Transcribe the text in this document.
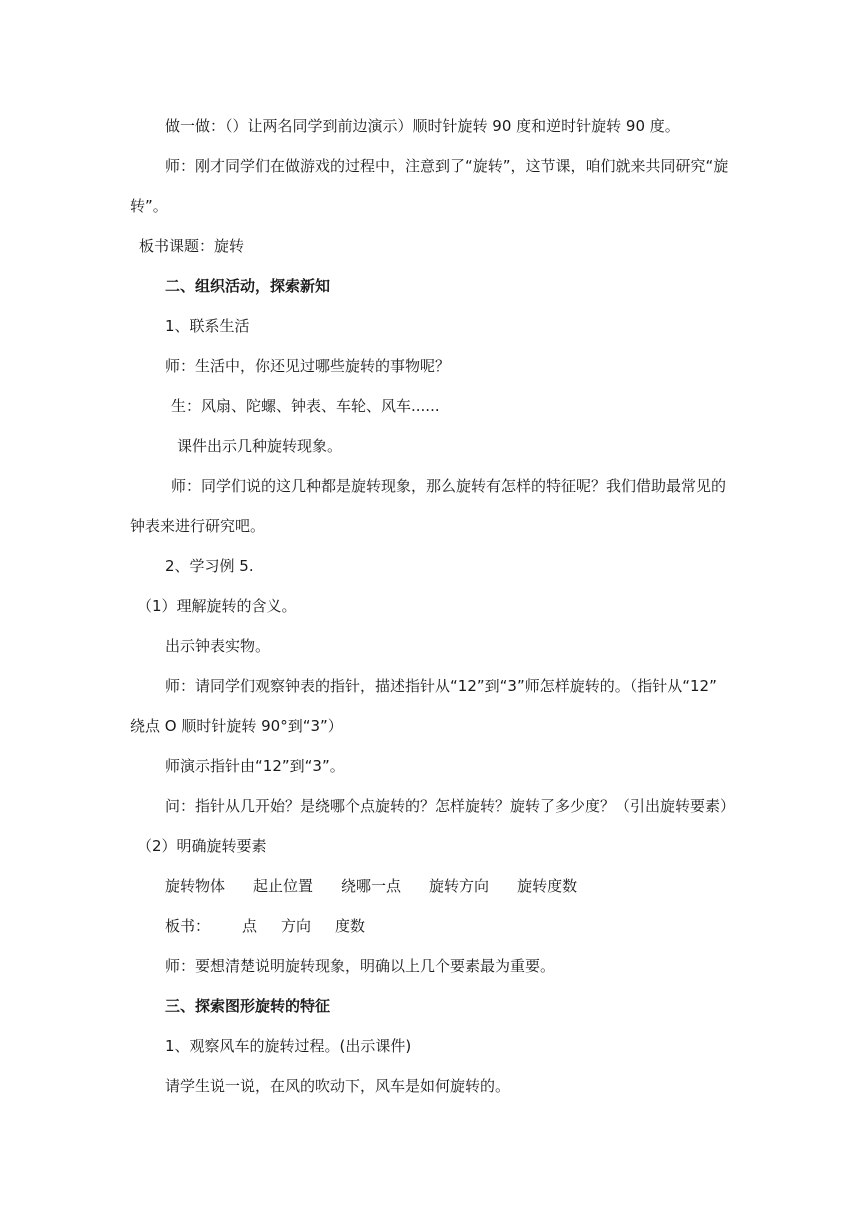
做一做：（）让两名同学到前边演示）顺时针旋转 90 度和逆时针旋转 90 度。
师：刚才同学们在做游戏的过程中，注意到了“旋转”，这节课，咱们就来共同研究“旋
转”。
板书课题：旋转
二、组织活动，探索新知
1、联系生活
师：生活中，你还见过哪些旋转的事物呢？
生：风扇、陀螺、钟表、车轮、风车......
课件出示几种旋转现象。
师：同学们说的这几种都是旋转现象，那么旋转有怎样的特征呢？我们借助最常见的
钟表来进行研究吧。
2、学习例 5.
（1）理解旋转的含义。
出示钟表实物。
师：请同学们观察钟表的指针，描述指针从“12”到“3”师怎样旋转的。（指针从“12”
绕点 O 顺时针旋转 90°到“3”）
师演示指针由“12”到“3”。
问：指针从几开始？是绕哪个点旋转的？怎样旋转？旋转了多少度？（引出旋转要素）
（2）明确旋转要素
旋转物体 起止位置 绕哪一点 旋转方向 旋转度数
板书： 点 方向 度数
师：要想清楚说明旋转现象，明确以上几个要素最为重要。
三、探索图形旋转的特征
1、观察风车的旋转过程。(出示课件)
请学生说一说，在风的吹动下，风车是如何旋转的。
